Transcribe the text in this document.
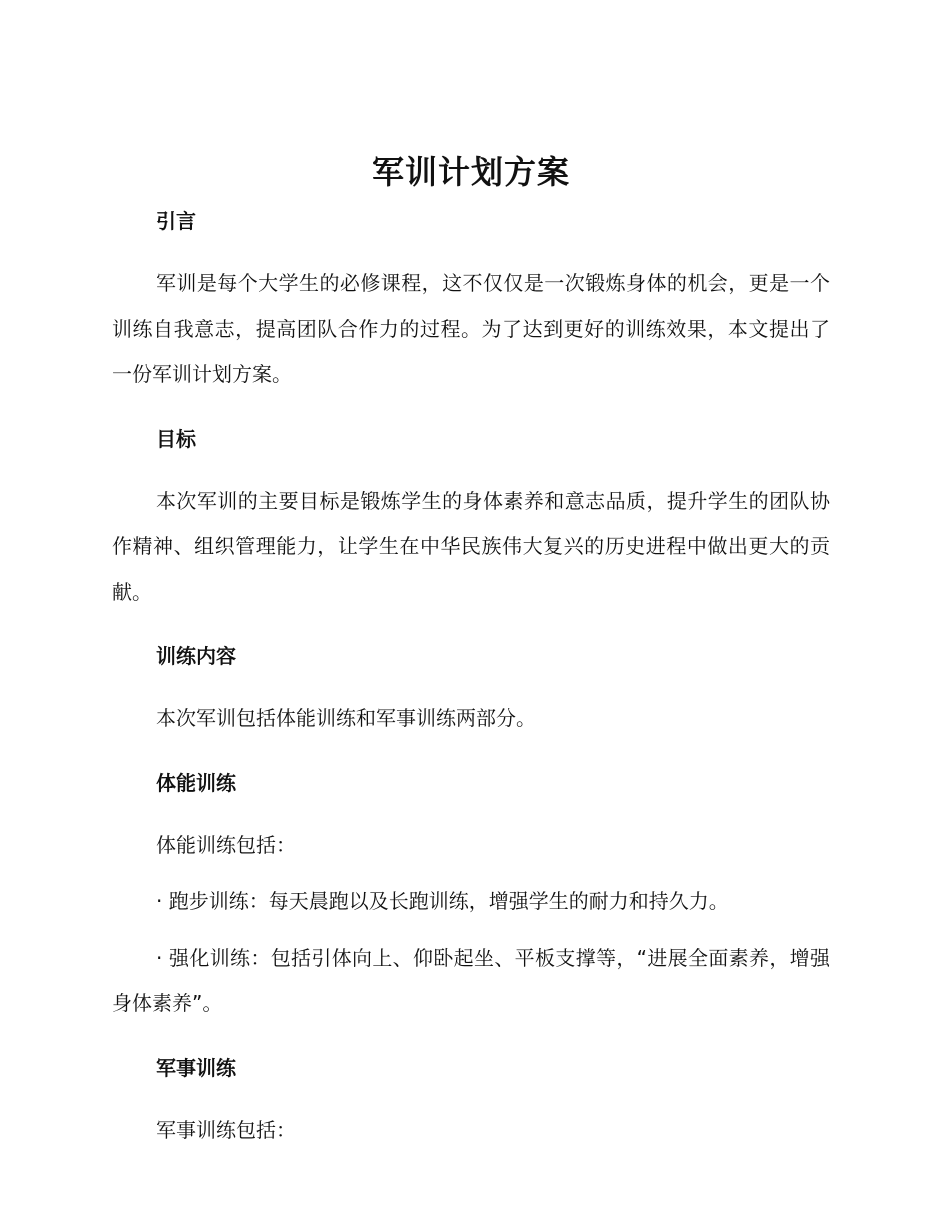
军训计划方案
引言

军训是每个大学生的必修课程，这不仅仅是一次锻炼身体的机会，更是一个训练自我意志，提高团队合作力的过程。为了达到更好的训练效果，本文提出了一份军训计划方案。

目标

本次军训的主要目标是锻炼学生的身体素养和意志品质，提升学生的团队协作精神、组织管理能力，让学生在中华民族伟大复兴的历史进程中做出更大的贡献。

训练内容

本次军训包括体能训练和军事训练两部分。

体能训练

体能训练包括：

· 跑步训练：每天晨跑以及长跑训练，增强学生的耐力和持久力。

· 强化训练：包括引体向上、仰卧起坐、平板支撑等，“进展全面素养，增强身体素养”。

军事训练

军事训练包括：
